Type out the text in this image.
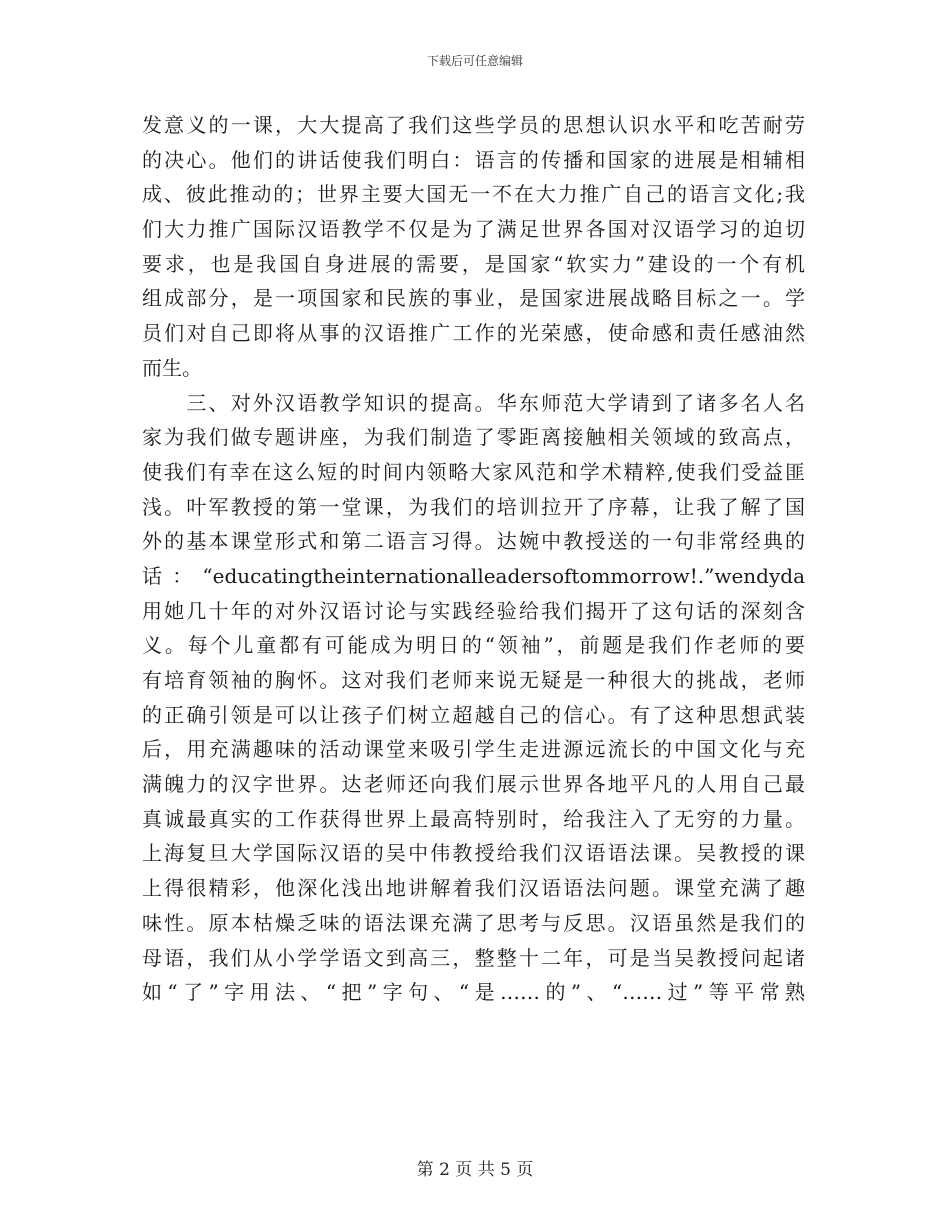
下载后可任意编辑
发意义的一课，大大提高了我们这些学员的思想认识水平和吃苦耐劳
的决心。他们的讲话使我们明白：语言的传播和国家的进展是相辅相
成、彼此推动的；世界主要大国无一不在大力推广自己的语言文化;我
们大力推广国际汉语教学不仅是为了满足世界各国对汉语学习的迫切
要求，也是我国自身进展的需要，是国家“软实力”建设的一个有机
组成部分，是一项国家和民族的事业，是国家进展战略目标之一。学
员们对自己即将从事的汉语推广工作的光荣感，使命感和责任感油然
而生。
　　三、对外汉语教学知识的提高。华东师范大学请到了诸多名人名
家为我们做专题讲座，为我们制造了零距离接触相关领域的致高点，
使我们有幸在这么短的时间内领略大家风范和学术精粹,使我们受益匪
浅。叶军教授的第一堂课，为我们的培训拉开了序幕，让我了解了国
外的基本课堂形式和第二语言习得。达婉中教授送的一句非常经典的
话：“educatingtheinternationalleadersoftommorrow!.”wendyda
用她几十年的对外汉语讨论与实践经验给我们揭开了这句话的深刻含
义。每个儿童都有可能成为明日的“领袖”，前题是我们作老师的要
有培育领袖的胸怀。这对我们老师来说无疑是一种很大的挑战，老师
的正确引领是可以让孩子们树立超越自己的信心。有了这种思想武装
后，用充满趣味的活动课堂来吸引学生走进源远流长的中国文化与充
满魄力的汉字世界。达老师还向我们展示世界各地平凡的人用自己最
真诚最真实的工作获得世界上最高特别时，给我注入了无穷的力量。
上海复旦大学国际汉语的吴中伟教授给我们汉语语法课。吴教授的课
上得很精彩，他深化浅出地讲解着我们汉语语法问题。课堂充满了趣
味性。原本枯燥乏味的语法课充满了思考与反思。汉语虽然是我们的
母语，我们从小学学语文到高三，整整十二年，可是当吴教授问起诸
如“了”字用法、“把”字句、“是……的”、“……过”等平常熟
第 2 页 共 5 页
